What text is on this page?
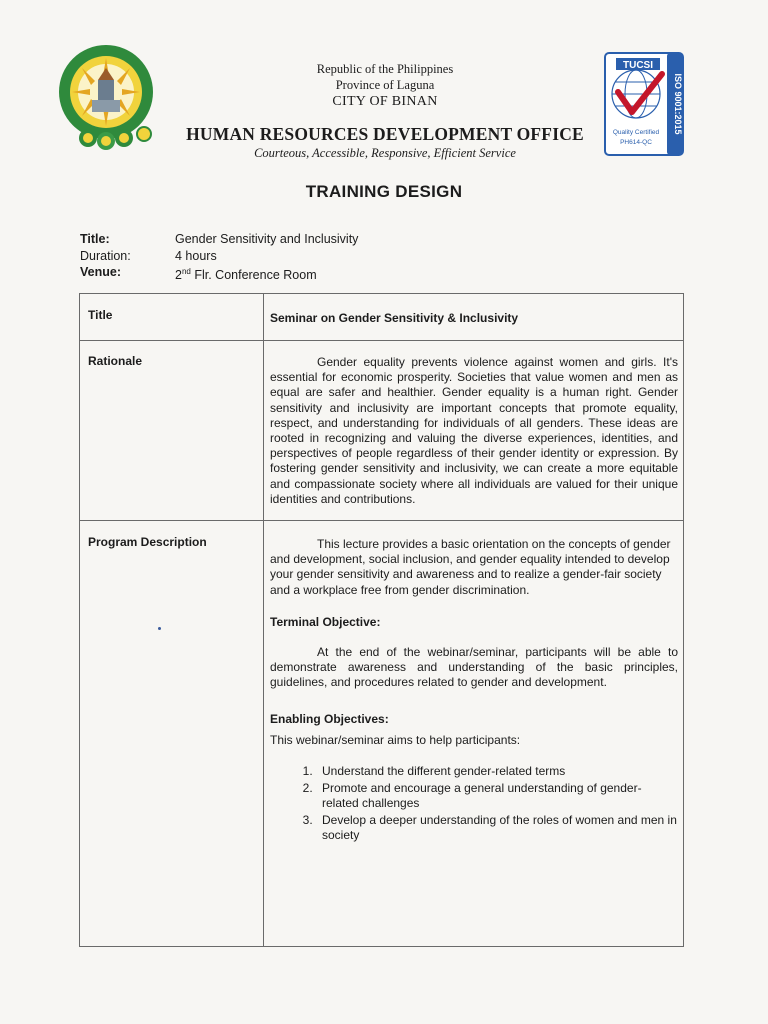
Republic of the Philippines
Province of Laguna
CITY OF BINAN
HUMAN RESOURCES DEVELOPMENT OFFICE
Courteous, Accessible, Responsive, Efficient Service
TUCSI
Quality Certified
PH614-QC
ISO 9001:2015
TRAINING DESIGN
Title:	Gender Sensitivity and Inclusivity
Duration:	4 hours
Venue:	2nd Flr. Conference Room
Title	Seminar on Gender Sensitivity & Inclusivity
Rationale	Gender equality prevents violence against women and girls. It's essential for economic prosperity. Societies that value women and men as equal are safer and healthier. Gender equality is a human right. Gender sensitivity and inclusivity are important concepts that promote equality, respect, and understanding for individuals of all genders. These ideas are rooted in recognizing and valuing the diverse experiences, identities, and perspectives of people regardless of their gender identity or expression. By fostering gender sensitivity and inclusivity, we can create a more equitable and compassionate society where all individuals are valued for their unique identities and contributions.
Program Description	This lecture provides a basic orientation on the concepts of gender and development, social inclusion, and gender equality intended to develop your gender sensitivity and awareness and to realize a gender-fair society and a workplace free from gender discrimination.
Terminal Objective:
At the end of the webinar/seminar, participants will be able to demonstrate awareness and understanding of the basic principles, guidelines, and procedures related to gender and development.
Enabling Objectives:
This webinar/seminar aims to help participants:
1. Understand the different gender-related terms
2. Promote and encourage a general understanding of gender-related challenges
3. Develop a deeper understanding of the roles of women and men in society
